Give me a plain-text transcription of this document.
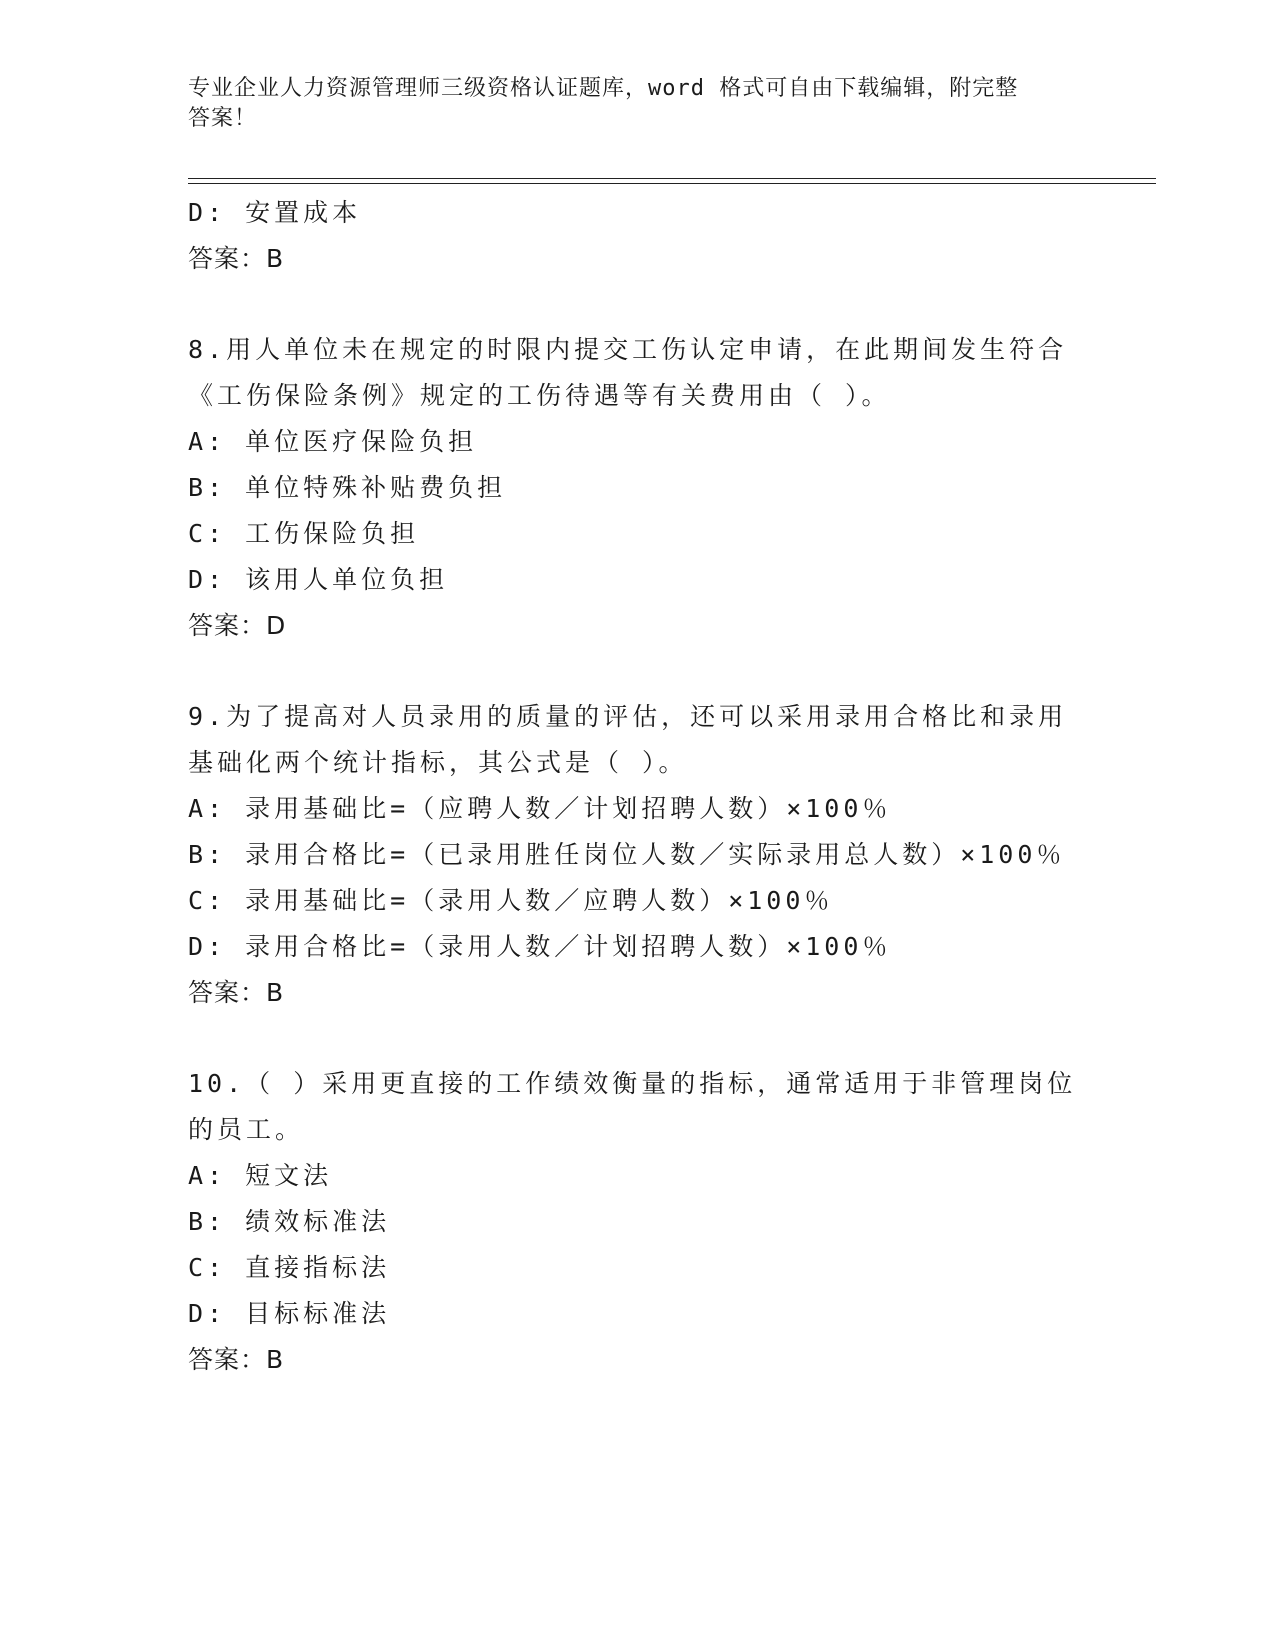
专业企业人力资源管理师三级资格认证题库，word 格式可自由下载编辑，附完整
答案！
D: 安置成本
答案：B
8.用人单位未在规定的时限内提交工伤认定申请，在此期间发生符合
《工伤保险条例》规定的工伤待遇等有关费用由（ ）。
A: 单位医疗保险负担
B: 单位特殊补贴费负担
C: 工伤保险负担
D: 该用人单位负担
答案：D
9.为了提高对人员录用的质量的评估，还可以采用录用合格比和录用
基础化两个统计指标，其公式是（ ）。
A: 录用基础比=（应聘人数／计划招聘人数）×100％
B: 录用合格比=（已录用胜任岗位人数／实际录用总人数）×100％
C: 录用基础比=（录用人数／应聘人数）×100％
D: 录用合格比=（录用人数／计划招聘人数）×100％
答案：B
10.（ ）采用更直接的工作绩效衡量的指标，通常适用于非管理岗位
的员工。
A: 短文法
B: 绩效标准法
C: 直接指标法
D: 目标标准法
答案：B
